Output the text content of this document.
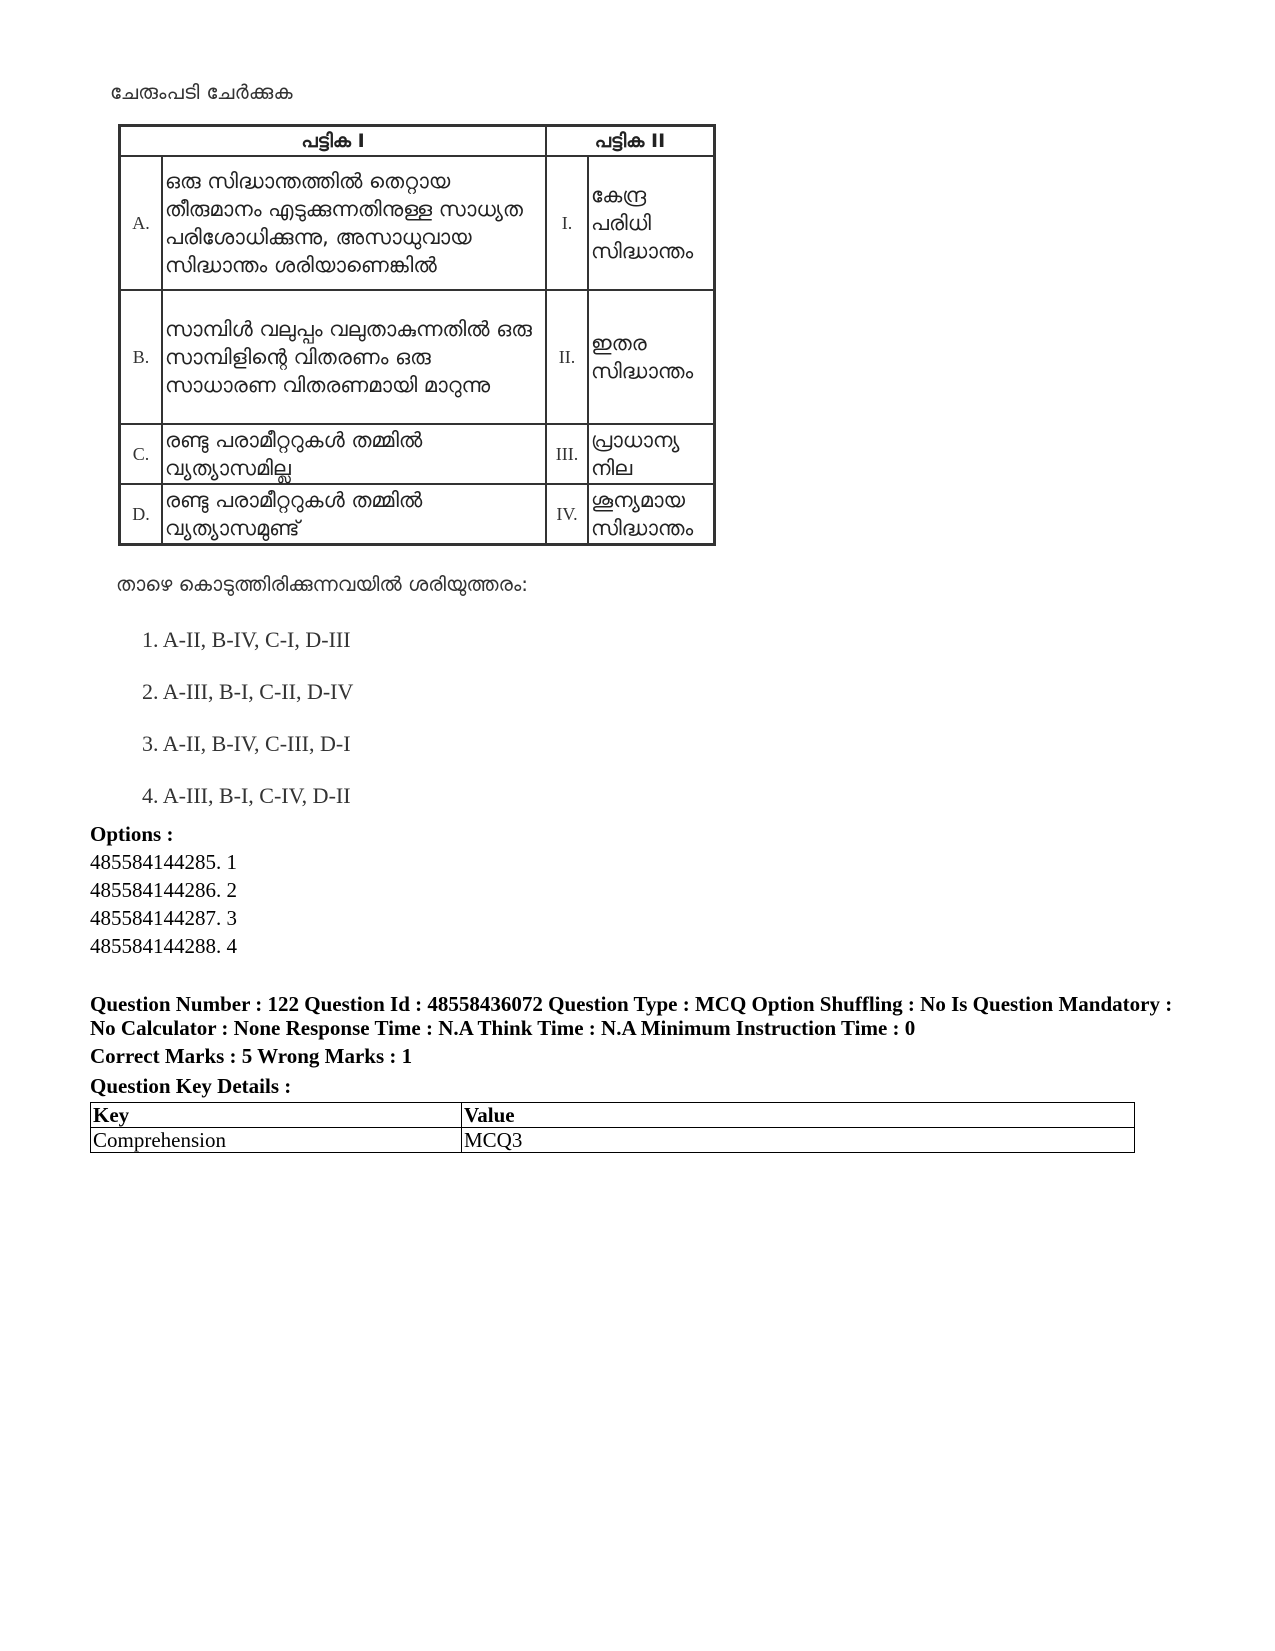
ചേരുംപടി ചേർക്കുക
പട്ടിക I		പട്ടിക II	
A.	ഒരു സിദ്ധാന്തത്തിൽ തെറ്റായ തീരുമാനം എടുക്കുന്നതിനുള്ള സാധ്യത പരിശോധിക്കുന്നു, അസാധുവായ സിദ്ധാന്തം ശരിയാണെങ്കിൽ	I.	കേന്ദ്ര പരിധി സിദ്ധാന്തം
B.	സാമ്പിൾ വലുപ്പം വലുതാകുന്നതിൽ ഒരു സാമ്പിളിന്റെ വിതരണം ഒരു സാധാരണ വിതരണമായി മാറുന്നു	II.	ഇതര സിദ്ധാന്തം
C.	രണ്ടു പരാമീറ്ററുകൾ തമ്മിൽ വ്യത്യാസമില്ല	III.	പ്രാധാന്യ നില
D.	രണ്ടു പരാമീറ്ററുകൾ തമ്മിൽ വ്യത്യാസമുണ്ട്	IV.	ശൂന്യമായ സിദ്ധാന്തം
താഴെ കൊടുത്തിരിക്കുന്നവയിൽ ശരിയുത്തരം:
1. A-II, B-IV, C-I, D-III
2. A-III, B-I, C-II, D-IV
3. A-II, B-IV, C-III, D-I
4. A-III, B-I, C-IV, D-II
Options :
485584144285. 1
485584144286. 2
485584144287. 3
485584144288. 4
Question Number : 122 Question Id : 48558436072 Question Type : MCQ Option Shuffling : No Is Question Mandatory : No Calculator : None Response Time : N.A Think Time : N.A Minimum Instruction Time : 0
Correct Marks : 5 Wrong Marks : 1
Question Key Details :
Key	Value
Comprehension	MCQ3
